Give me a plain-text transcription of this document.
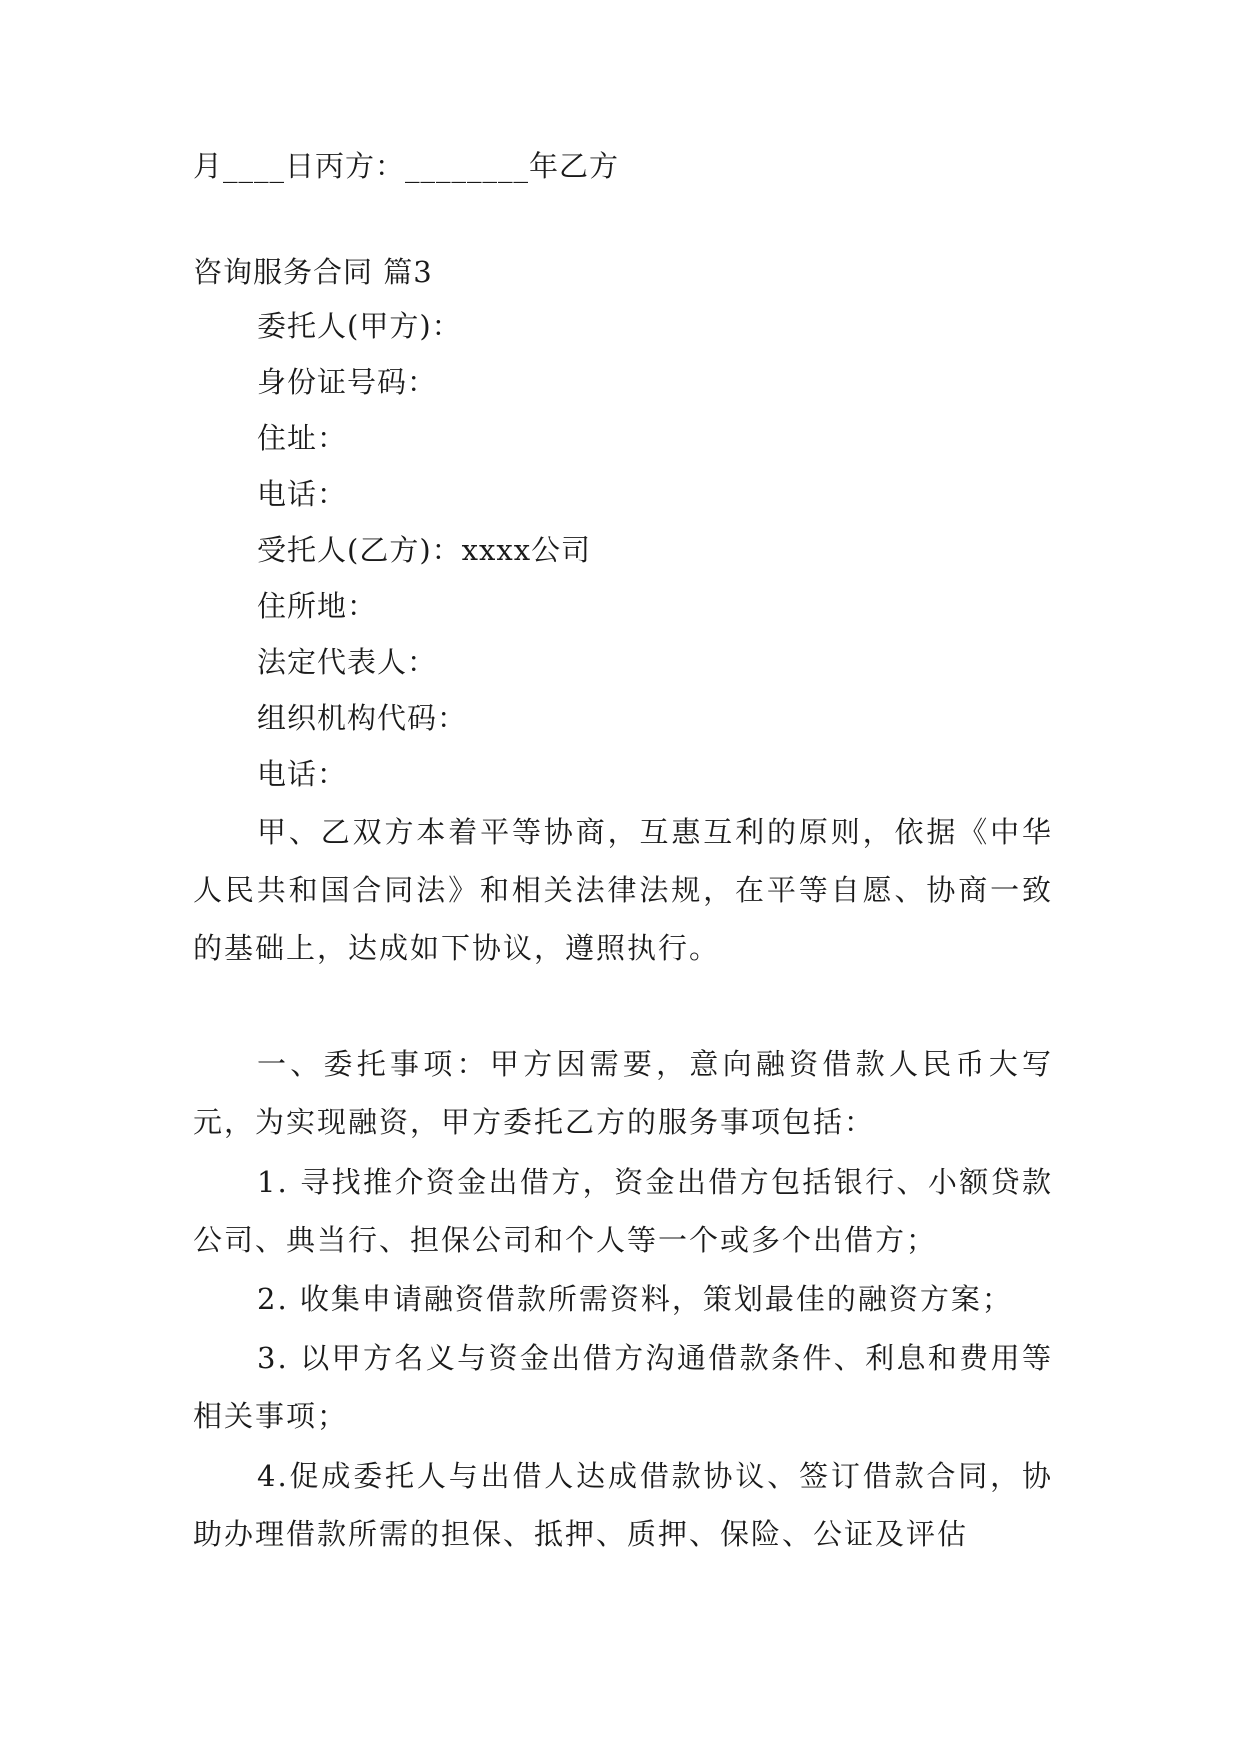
月____日丙方：________年乙方
咨询服务合同 篇3
委托人(甲方)：
身份证号码：
住址：
电话：
受托人(乙方)：xxxx公司
住所地：
法定代表人：
组织机构代码：
电话：
甲、乙双方本着平等协商，互惠互利的原则，依据《中华人民共和国合同法》和相关法律法规，在平等自愿、协商一致的基础上，达成如下协议，遵照执行。
一、委托事项：甲方因需要，意向融资借款人民币大写元，为实现融资，甲方委托乙方的服务事项包括：
1. 寻找推介资金出借方，资金出借方包括银行、小额贷款公司、典当行、担保公司和个人等一个或多个出借方；
2. 收集申请融资借款所需资料，策划最佳的融资方案；
3. 以甲方名义与资金出借方沟通借款条件、利息和费用等相关事项；
4.促成委托人与出借人达成借款协议、签订借款合同，协助办理借款所需的担保、抵押、质押、保险、公证及评估
